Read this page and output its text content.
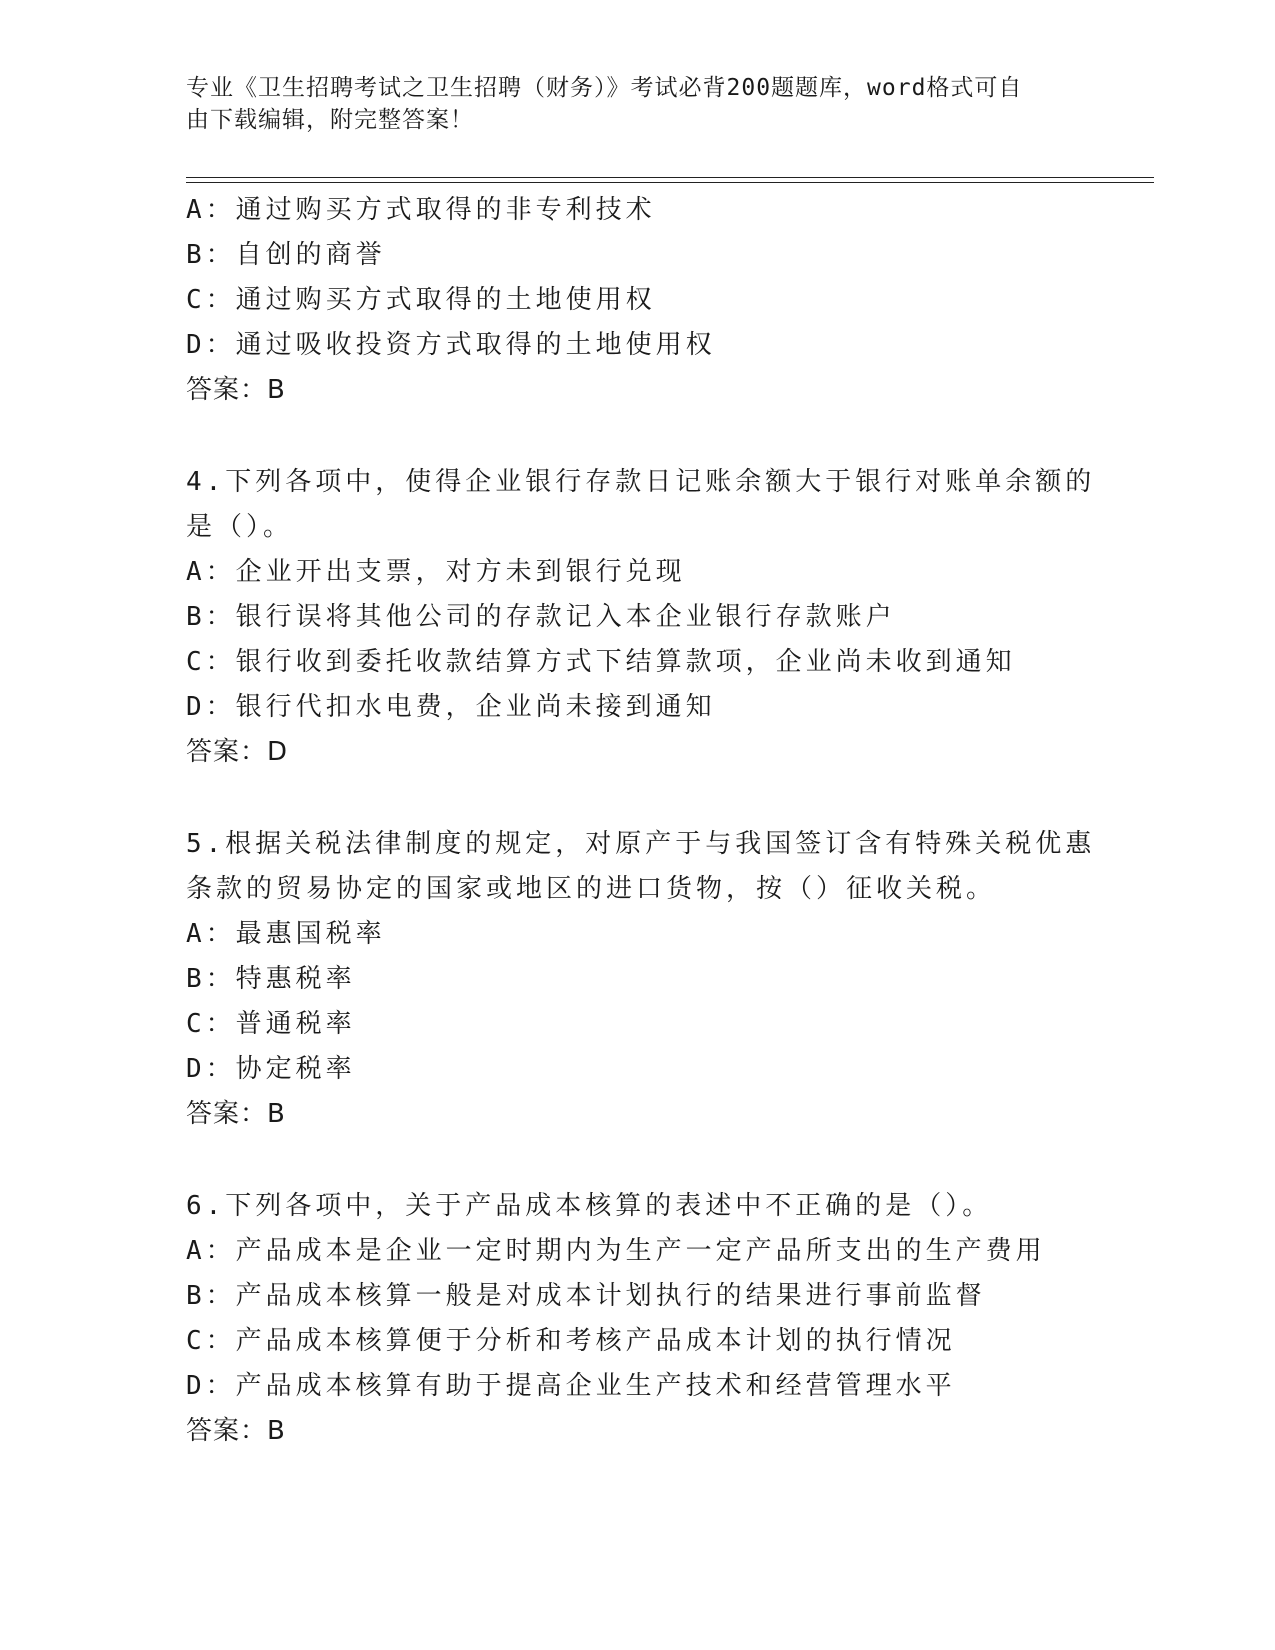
专业《卫生招聘考试之卫生招聘（财务）》考试必背200题题库，word格式可自
由下载编辑，附完整答案！
A：通过购买方式取得的非专利技术
B：自创的商誉
C：通过购买方式取得的土地使用权
D：通过吸收投资方式取得的土地使用权
答案：B
4.下列各项中，使得企业银行存款日记账余额大于银行对账单余额的
是（）。
A：企业开出支票，对方未到银行兑现
B：银行误将其他公司的存款记入本企业银行存款账户
C：银行收到委托收款结算方式下结算款项，企业尚未收到通知
D：银行代扣水电费，企业尚未接到通知
答案：D
5.根据关税法律制度的规定，对原产于与我国签订含有特殊关税优惠
条款的贸易协定的国家或地区的进口货物，按（）征收关税。
A：最惠国税率
B：特惠税率
C：普通税率
D：协定税率
答案：B
6.下列各项中，关于产品成本核算的表述中不正确的是（）。
A：产品成本是企业一定时期内为生产一定产品所支出的生产费用
B：产品成本核算一般是对成本计划执行的结果进行事前监督
C：产品成本核算便于分析和考核产品成本计划的执行情况
D：产品成本核算有助于提高企业生产技术和经营管理水平
答案：B
